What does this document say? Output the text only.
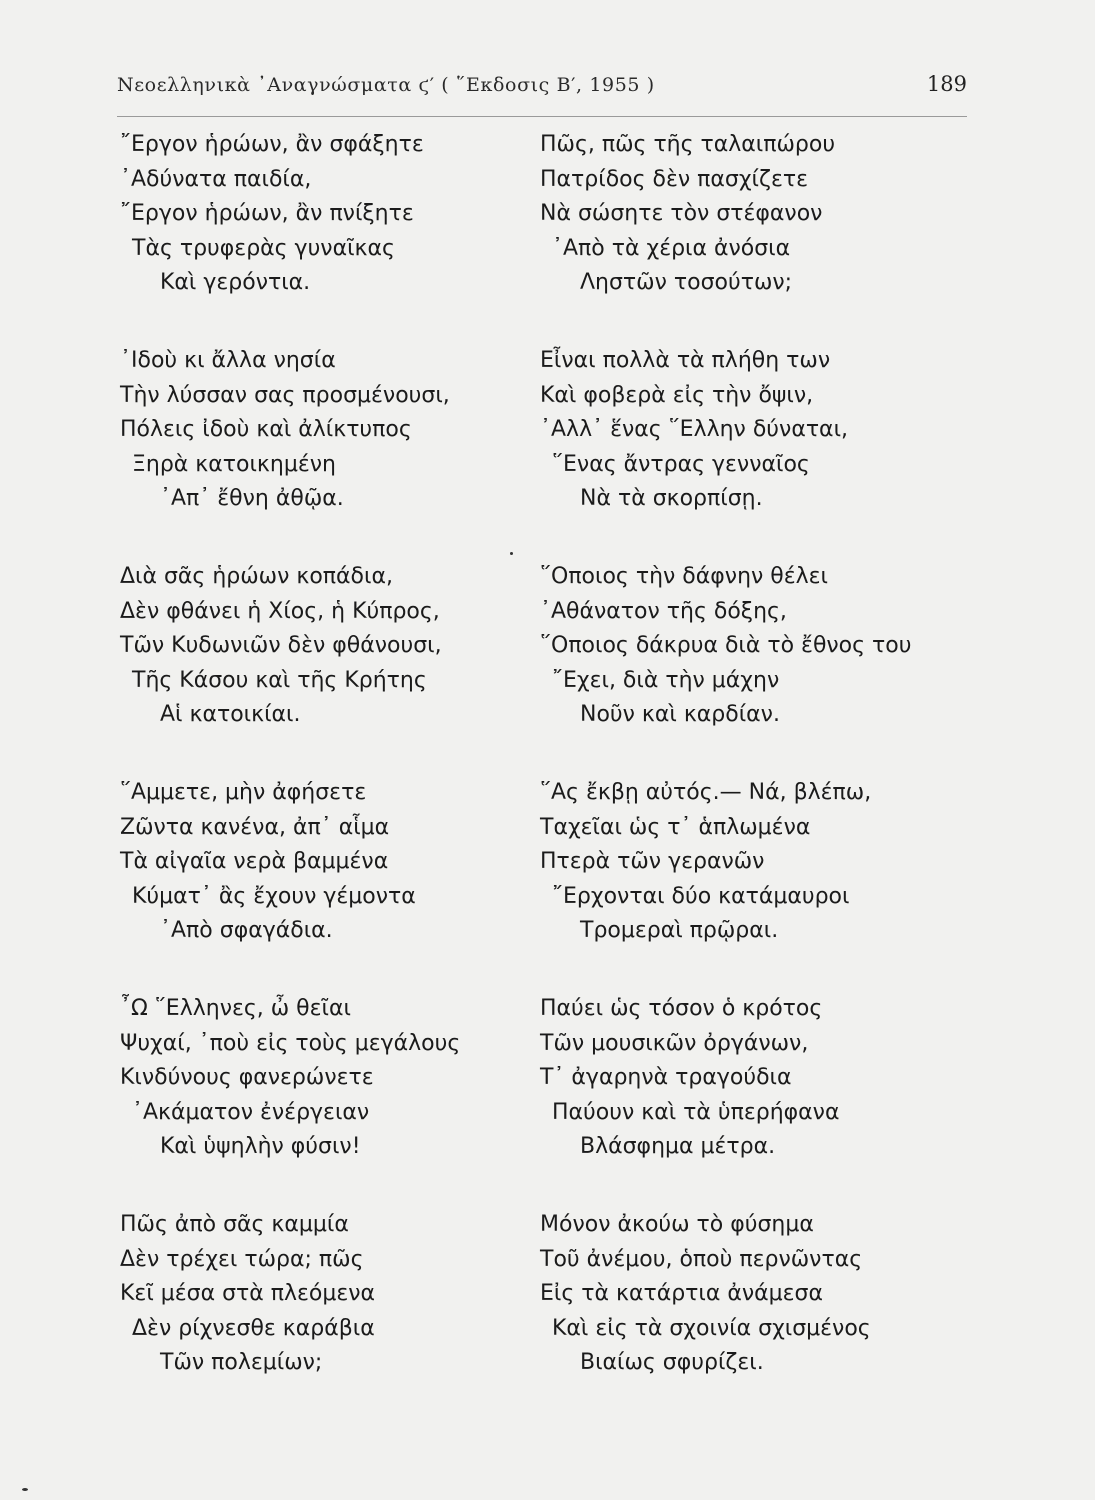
Νεοελληνικὰ ᾿Αναγνώσματα ϛ′ ( ῞Εκδοσις Β′, 1955 )	189
῎Εργον ἡρώων, ἂν σφάξητε
᾿Αδύνατα παιδία,
῎Εργον ἡρώων, ἂν πνίξητε
Τὰς τρυφερὰς γυναῖκας
Καὶ γερόντια.
᾿Ιδοὺ κι ἄλλα νησία
Τὴν λύσσαν σας προσμένουσι,
Πόλεις ἰδοὺ καὶ ἀλίκτυπος
Ξηρὰ κατοικημένη
᾿Απ᾿ ἔθνη ἀθῷα.
Διὰ σᾶς ἡρώων κοπάδια,
Δὲν φθάνει ἡ Χίος, ἡ Κύπρος,
Τῶν Κυδωνιῶν δὲν φθάνουσι,
Τῆς Κάσου καὶ τῆς Κρήτης
Αἱ κατοικίαι.
῞Αμμετε, μὴν ἀφήσετε
Ζῶντα κανένα, ἀπ᾿ αἷμα
Τὰ αἰγαῖα νερὰ βαμμένα
Κύματ᾿ ἂς ἔχουν γέμοντα
᾿Απὸ σφαγάδια.
῏Ω ῞Ελληνες, ὦ θεῖαι
Ψυχαί, ᾿ποὺ εἰς τοὺς μεγάλους
Κινδύνους φανερώνετε
᾿Ακάματον ἐνέργειαν
Καὶ ὑψηλὴν φύσιν!
Πῶς ἀπὸ σᾶς καμμία
Δὲν τρέχει τώρα; πῶς
Κεῖ μέσα στὰ πλεόμενα
Δὲν ρίχνεσθε καράβια
Τῶν πολεμίων;
Πῶς, πῶς τῆς ταλαιπώρου
Πατρίδος δὲν πασχίζετε
Νὰ σώσητε τὸν στέφανον
᾿Απὸ τὰ χέρια ἀνόσια
Ληστῶν τοσούτων;
Εἶναι πολλὰ τὰ πλήθη των
Καὶ φοβερὰ εἰς τὴν ὄψιν,
᾿Αλλ᾿ ἕνας ῞Ελλην δύναται,
῞Ενας ἄντρας γενναῖος
Νὰ τὰ σκορπίσῃ.
῞Οποιος τὴν δάφνην θέλει
᾿Αθάνατον τῆς δόξης,
῞Οποιος δάκρυα διὰ τὸ ἔθνος του
῎Εχει, διὰ τὴν μάχην
Νοῦν καὶ καρδίαν.
῞Ας ἔκβῃ αὐτός.— Νά, βλέπω,
Ταχεῖαι ὡς τ᾿ ἁπλωμένα
Πτερὰ τῶν γερανῶν
῎Ερχονται δύο κατάμαυροι
Τρομεραὶ πρῷραι.
Παύει ὡς τόσον ὁ κρότος
Τῶν μουσικῶν ὀργάνων,
Τ᾿ ἀγαρηνὰ τραγούδια
Παύουν καὶ τὰ ὑπερήφανα
Βλάσφημα μέτρα.
Μόνον ἀκούω τὸ φύσημα
Τοῦ ἀνέμου, ὁποὺ περνῶντας
Εἰς τὰ κατάρτια ἀνάμεσα
Καὶ εἰς τὰ σχοινία σχισμένος
Βιαίως σφυρίζει.
